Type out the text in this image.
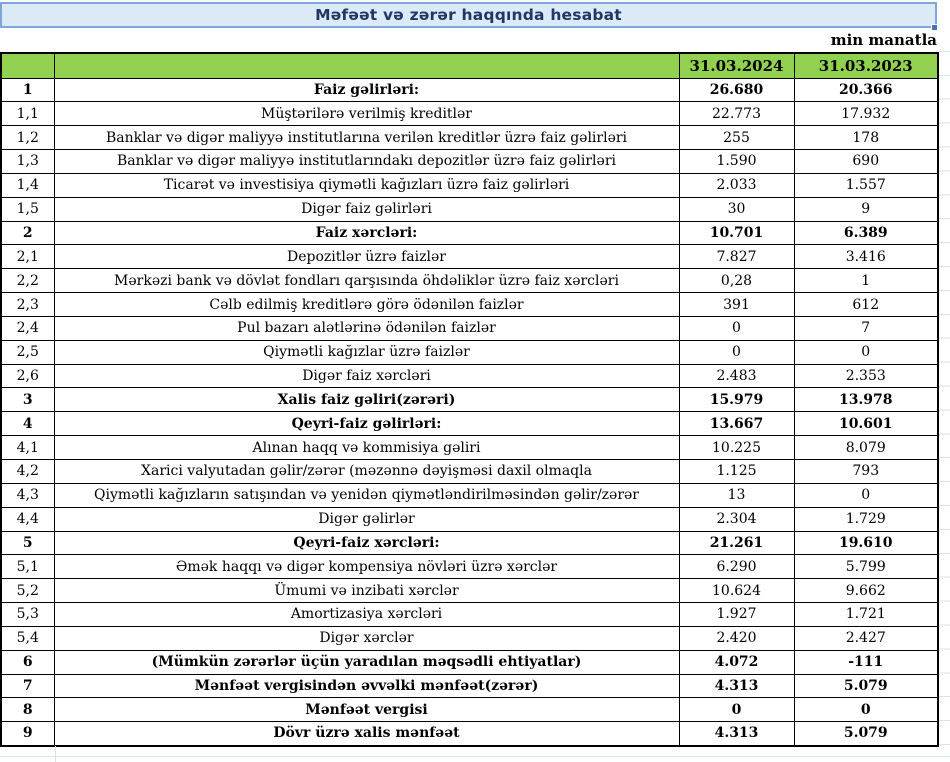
Məfəət və zərər haqqında hesabat
min manatla
		31.03.2024	31.03.2023
1	Faiz gəlirləri:	26.680	20.366
1,1	Müştərilərə verilmiş kreditlər	22.773	17.932
1,2	Banklar və digər maliyyə institutlarına verilən kreditlər üzrə faiz gəlirləri	255	178
1,3	Banklar və digər maliyyə institutlarındakı depozitlər üzrə faiz gəlirləri	1.590	690
1,4	Ticarət və investisiya qiymətli kağızları üzrə faiz gəlirləri	2.033	1.557
1,5	Digər faiz gəlirləri	30	9
2	Faiz xərcləri:	10.701	6.389
2,1	Depozitlər üzrə faizlər	7.827	3.416
2,2	Mərkəzi bank və dövlət fondları qarşısında öhdəliklər üzrə faiz xərcləri	0,28	1
2,3	Cəlb edilmiş kreditlərə görə ödənilən faizlər	391	612
2,4	Pul bazarı alətlərinə ödənilən faizlər	0	7
2,5	Qiymətli kağızlar üzrə faizlər	0	0
2,6	Digər faiz xərcləri	2.483	2.353
3	Xalis faiz gəliri(zərəri)	15.979	13.978
4	Qeyri-faiz gəlirləri:	13.667	10.601
4,1	Alınan haqq və kommisiya gəliri	10.225	8.079
4,2	Xarici valyutadan gəlir/zərər (məzənnə dəyişməsi daxil olmaqla	1.125	793
4,3	Qiymətli kağızların satışından və yenidən qiymətləndirilməsindən gəlir/zərər	13	0
4,4	Digər gəlirlər	2.304	1.729
5	Qeyri-faiz xərcləri:	21.261	19.610
5,1	Əmək haqqı və digər kompensiya növləri üzrə xərclər	6.290	5.799
5,2	Ümumi və inzibati xərclər	10.624	9.662
5,3	Amortizasiya xərcləri	1.927	1.721
5,4	Digər xərclər	2.420	2.427
6	(Mümkün zərərlər üçün yaradılan məqsədli ehtiyatlar)	4.072	-111
7	Mənfəət vergisindən əvvəlki mənfəət(zərər)	4.313	5.079
8	Mənfəət vergisi	0	0
9	Dövr üzrə xalis mənfəət	4.313	5.079
